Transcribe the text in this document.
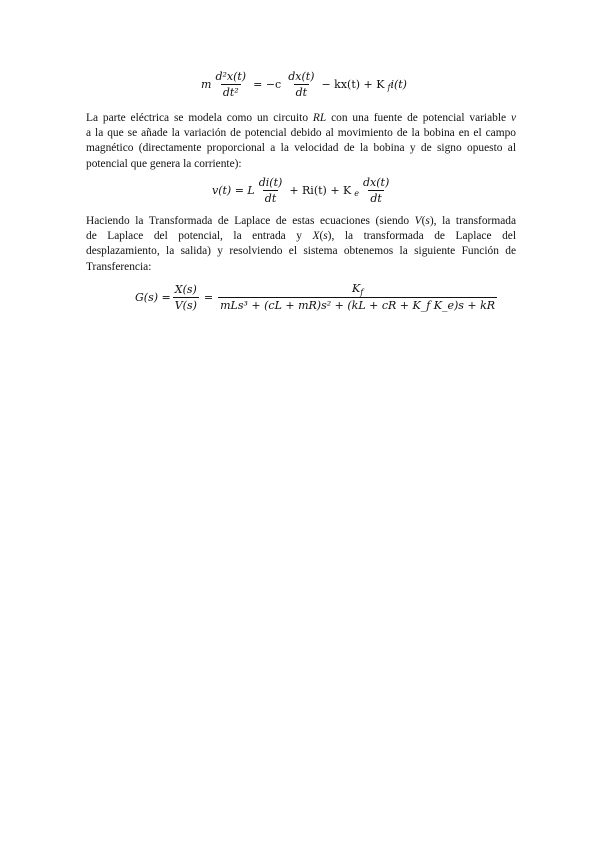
m $\frac{\text{d²x(t)}}{\text{dt²}} = -c \frac{dx(t)}{dt} - kx(t) + K$ f i(t)
La parte eléctrica se modela como un circuito RL con una fuente de potencial variable v
a la que se añade la variación de potencial debido al movimiento de la bobina en el campo
magnético (directamente proporcional a la velocidad de la bobina y de signo opuesto al
potencial que genera la corriente):
v(t) = L $\frac{di(t)}{dt} + Ri(t) + K$ e $\frac{dx(t)}{dt}$
Haciendo la Transformada de Laplace de estas ecuaciones (siendo V(s), la transformada
de Laplace del potencial, la entrada y X(s), la transformada de Laplace del
desplazamiento, la salida) y resolviendo el sistema obtenemos la siguiente Función de
Transferencia:
$G(s) = \frac{X(s)}{V(s)} = \frac{K_f}{\text{mLs³ + (cL + mR)s² + (kL + cR + K\_f K\_e)s + kR}}$
